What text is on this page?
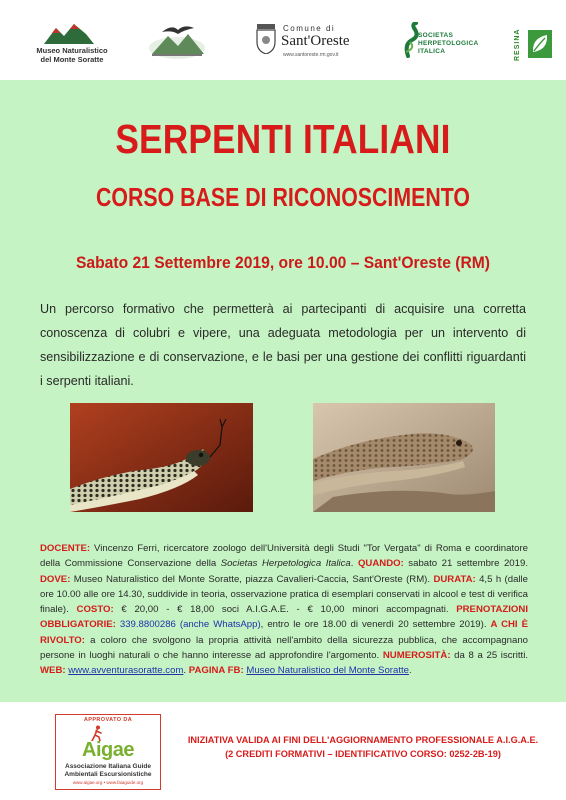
Museo Naturalistico
del Monte Soratte
Comune di
Sant'Oreste
www.santoreste.rm.gov.it
SOCIETAS
HERPETOLOGICA
ITALICA	RESINA
SERPENTI ITALIANI
CORSO BASE DI RICONOSCIMENTO
Sabato 21 Settembre 2019, ore 10.00 – Sant'Oreste (RM)
Un percorso formativo che permetterà ai partecipanti di acquisire una corretta conoscenza di colubri e vipere, una adeguata metodologia per un intervento di sensibilizzazione e di conservazione, e le basi per una gestione dei conflitti riguardanti i serpenti italiani.
DOCENTE: Vincenzo Ferri, ricercatore zoologo dell'Università degli Studi "Tor Vergata" di Roma e coordinatore della Commissione Conservazione della Societas Herpetologica Italica. QUANDO: sabato 21 settembre 2019. DOVE: Museo Naturalistico del Monte Soratte, piazza Cavalieri-Caccia, Sant'Oreste (RM). DURATA: 4,5 h (dalle ore 10.00 alle ore 14.30, suddivide in teoria, osservazione pratica di esemplari conservati in alcool e test di verifica finale). COSTO: € 20,00 - € 18,00 soci A.I.G.A.E. - € 10,00 minori accompagnati. PRENOTAZIONI OBBLIGATORIE: 339.8800286 (anche WhatsApp), entro le ore 18.00 di venerdì 20 settembre 2019). A CHI È RIVOLTO: a coloro che svolgono la propria attività nell'ambito della sicurezza pubblica, che accompagnano persone in luoghi naturali o che hanno interesse ad approfondire l'argomento. NUMEROSITÀ: da 8 a 25 iscritti. WEB: www.avventurasoratte.com. PAGINA FB: Museo Naturalistico del Monte Soratte.
APPROVATO DA
Aigae
Associazione Italiana Guide
Ambientali Escursionistiche
www.aigae.org • www.faiaguide.org
INIZIATIVA VALIDA AI FINI DELL'AGGIORNAMENTO PROFESSIONALE A.I.G.A.E.
(2 CREDITI FORMATIVI – IDENTIFICATIVO CORSO: 0252-2B-19)
